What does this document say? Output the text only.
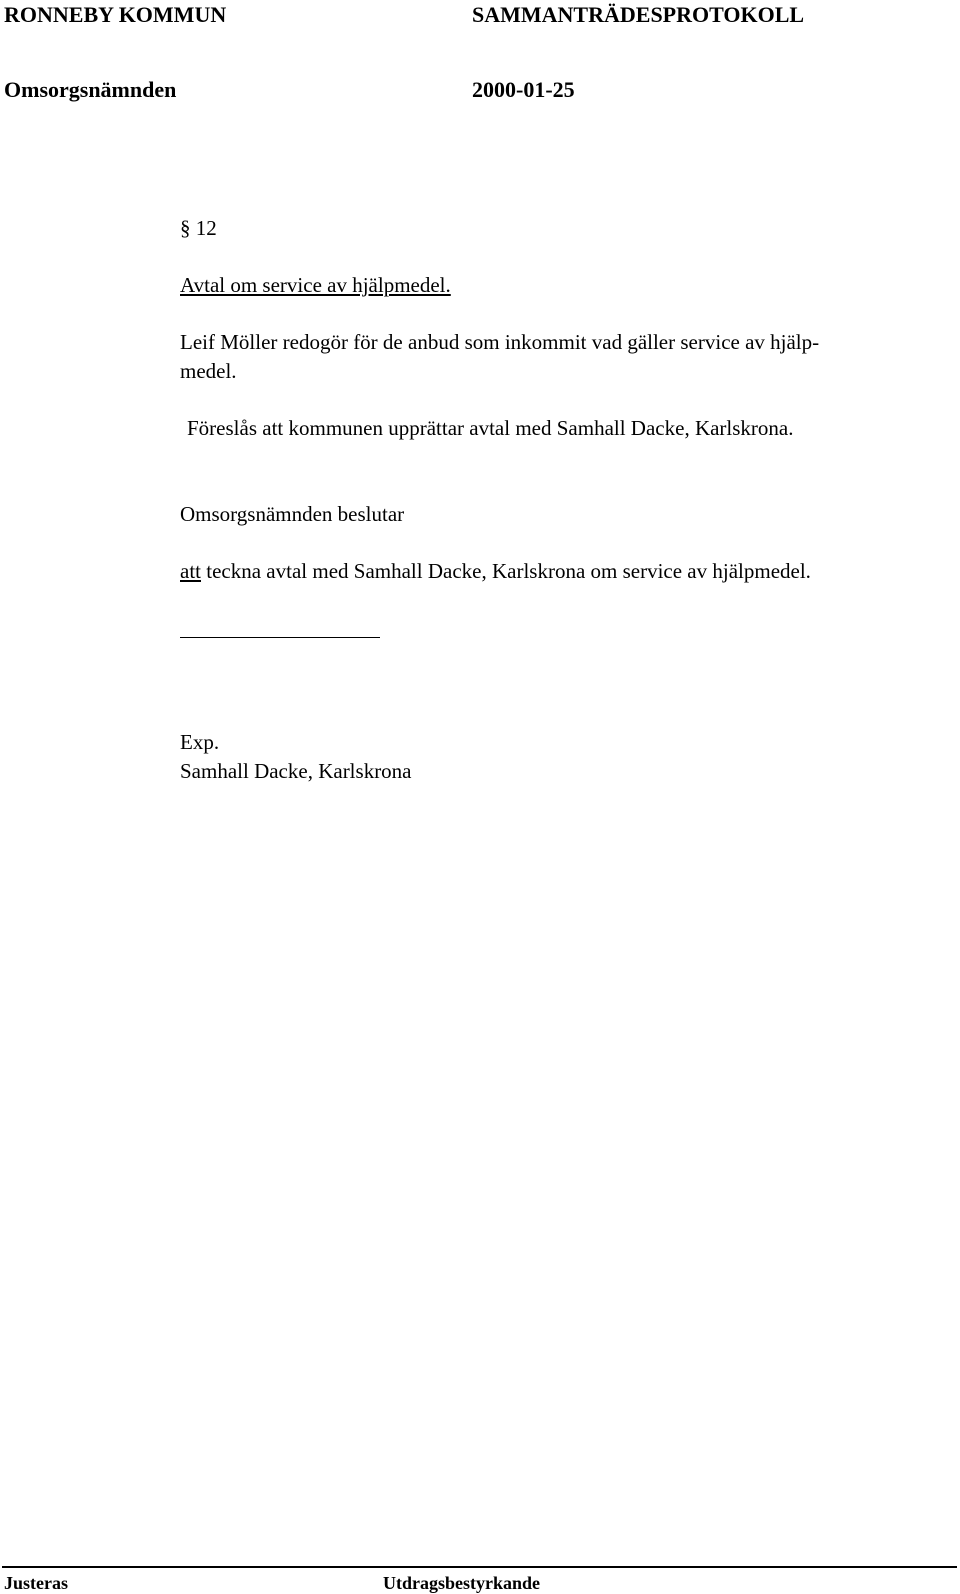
RONNEBY KOMMUN	SAMMANTRÄDESPROTOKOLL
Omsorgsnämnden	2000-01-25
§ 12
Avtal om service av hjälpmedel.
Leif Möller redogör för de anbud som inkommit vad gäller service av hjälp-
medel.
Föreslås att kommunen upprättar avtal med Samhall Dacke, Karlskrona.
Omsorgsnämnden beslutar
att teckna avtal med Samhall Dacke, Karlskrona om service av hjälpmedel.
Exp.
Samhall Dacke, Karlskrona
Justeras	Utdragsbestyrkande
